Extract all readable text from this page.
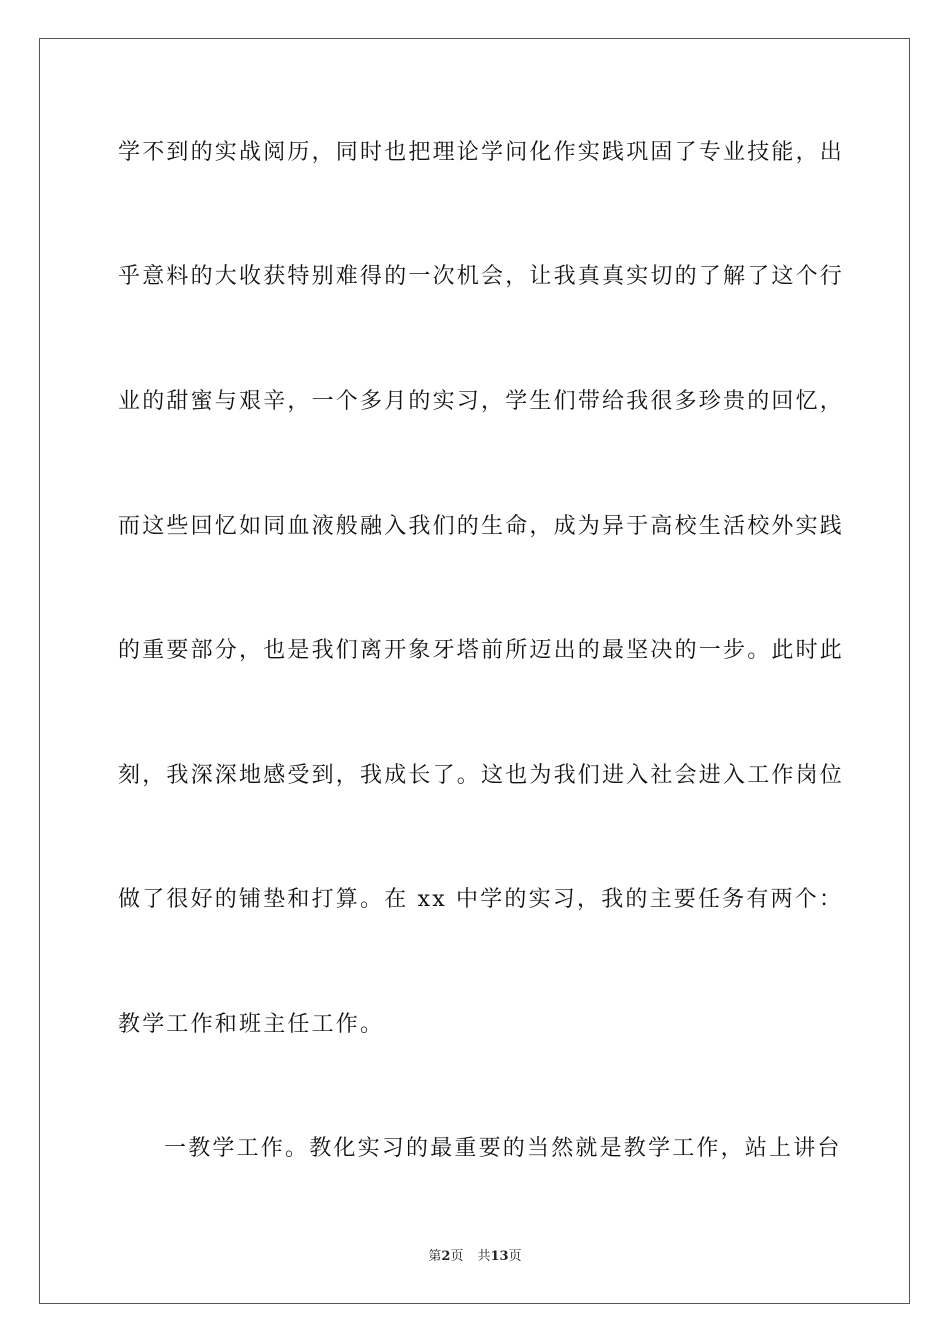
学不到的实战阅历，同时也把理论学问化作实践巩固了专业技能，出
乎意料的大收获特别难得的一次机会，让我真真实切的了解了这个行
业的甜蜜与艰辛，一个多月的实习，学生们带给我很多珍贵的回忆，
而这些回忆如同血液般融入我们的生命，成为异于高校生活校外实践
的重要部分，也是我们离开象牙塔前所迈出的最坚决的一步。此时此
刻，我深深地感受到，我成长了。这也为我们进入社会进入工作岗位
做了很好的铺垫和打算。在 xx 中学的实习，我的主要任务有两个：
教学工作和班主任工作。
一教学工作。教化实习的最重要的当然就是教学工作，站上讲台
第2页 共13页
